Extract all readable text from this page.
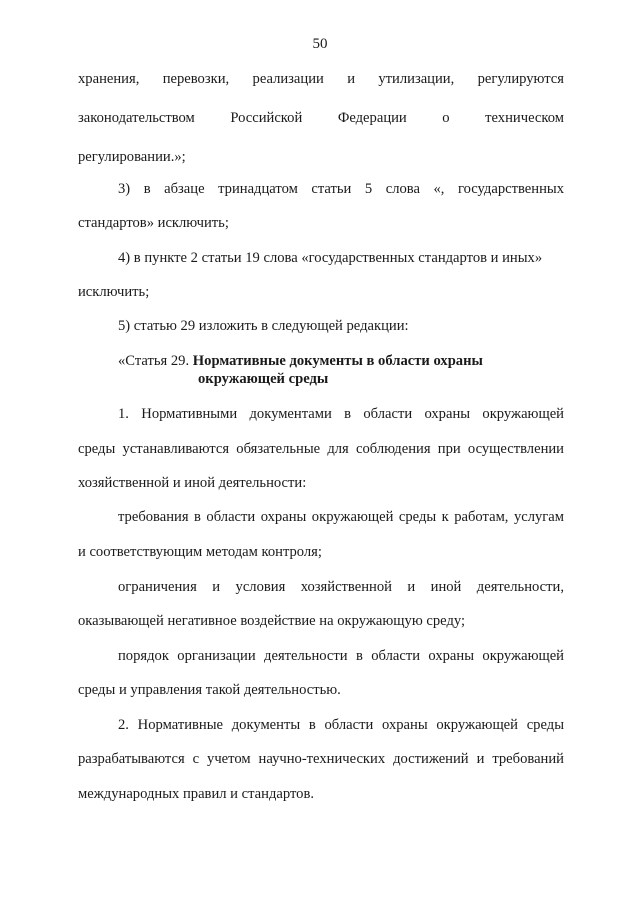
50
хранения, перевозки, реализации и утилизации, регулируются
законодательством Российской Федерации о техническом
регулировании.»;
3) в абзаце тринадцатом статьи 5 слова «, государственных
стандартов» исключить;
4) в пункте 2 статьи 19 слова «государственных стандартов и иных»
исключить;
5) статью 29 изложить в следующей редакции:
«Статья 29. Нормативные документы в области охраны
окружающей среды
1. Нормативными документами в области охраны окружающей
среды устанавливаются обязательные для соблюдения при осуществлении
хозяйственной и иной деятельности:
требования в области охраны окружающей среды к работам, услугам
и соответствующим методам контроля;
ограничения и условия хозяйственной и иной деятельности,
оказывающей негативное воздействие на окружающую среду;
порядок организации деятельности в области охраны окружающей
среды и управления такой деятельностью.
2. Нормативные документы в области охраны окружающей среды
разрабатываются с учетом научно-технических достижений и требований
международных правил и стандартов.
